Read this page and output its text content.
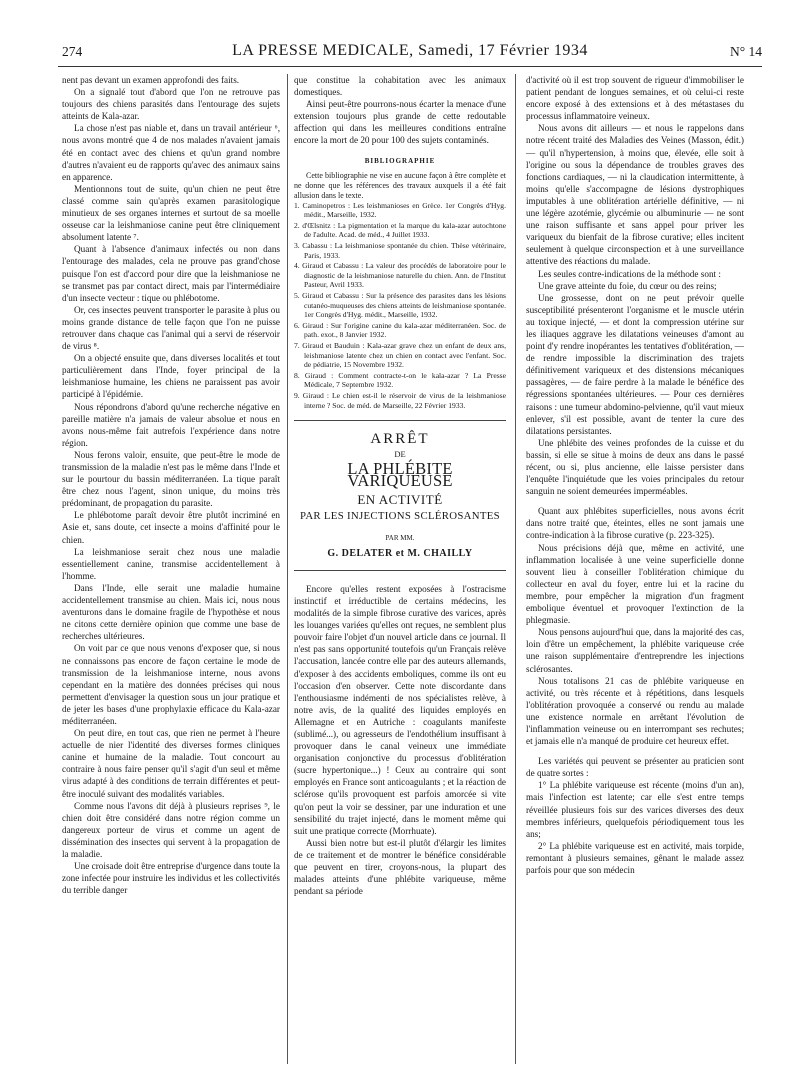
274	LA PRESSE MEDICALE, Samedi, 17 Février 1934	N° 14

nent pas devant un examen approfondi des faits.

On a signalé tout d'abord que l'on ne retrouve pas toujours des chiens parasités dans l'entourage des sujets atteints de Kala-azar.

La chose n'est pas niable et, dans un travail antérieur ⁶, nous avons montré que 4 de nos malades n'avaient jamais été en contact avec des chiens et qu'un grand nombre d'autres n'avaient eu de rapports qu'avec des animaux sains en apparence.

Mentionnons tout de suite, qu'un chien ne peut être classé comme sain qu'après examen parasitologique minutieux de ses organes internes et surtout de sa moelle osseuse car la leishmaniose canine peut être cliniquement absolument latente ⁷.

Quant à l'absence d'animaux infectés ou non dans l'entourage des malades, cela ne prouve pas grand'chose puisque l'on est d'accord pour dire que la leishmaniose ne se transmet pas par contact direct, mais par l'intermédiaire d'un insecte vecteur : tique ou phlébotome.

Or, ces insectes peuvent transporter le parasite à plus ou moins grande distance de telle façon que l'on ne puisse retrouver dans chaque cas l'animal qui a servi de réservoir de virus ⁸.

On a objecté ensuite que, dans diverses localités et tout particulièrement dans l'Inde, foyer principal de la leishmaniose humaine, les chiens ne paraissent pas avoir participé à l'épidémie.

Nous répondrons d'abord qu'une recherche négative en pareille matière n'a jamais de valeur absolue et nous en avons nous-même fait autrefois l'expérience dans notre région.

Nous ferons valoir, ensuite, que peut-être le mode de transmission de la maladie n'est pas le même dans l'Inde et sur le pourtour du bassin méditerranéen. La tique paraît être chez nous l'agent, sinon unique, du moins très prédominant, de propagation du parasite.

Le phlébotome paraît devoir être plutôt incriminé en Asie et, sans doute, cet insecte a moins d'affinité pour le chien.

La leishmaniose serait chez nous une maladie essentiellement canine, transmise accidentellement à l'homme.

Dans l'Inde, elle serait une maladie humaine accidentellement transmise au chien. Mais ici, nous nous aventurons dans le domaine fragile de l'hypothèse et nous ne citons cette dernière opinion que comme une base de recherches ultérieures.

On voit par ce que nous venons d'exposer que, si nous ne connaissons pas encore de façon certaine le mode de transmission de la leishmaniose interne, nous avons cependant en la matière des données précises qui nous permettent d'envisager la question sous un jour pratique et de jeter les bases d'une prophylaxie efficace du Kala-azar méditerranéen.

On peut dire, en tout cas, que rien ne permet à l'heure actuelle de nier l'identité des diverses formes cliniques canine et humaine de la maladie. Tout concourt au contraire à nous faire penser qu'il s'agit d'un seul et même virus adapté à des conditions de terrain différentes et peut-être inoculé suivant des modalités variables.

Comme nous l'avons dit déjà à plusieurs reprises ⁹, le chien doit être considéré dans notre région comme un dangereux porteur de virus et comme un agent de dissémination des insectes qui servent à la propagation de la maladie.

Une croisade doit être entreprise d'urgence dans toute la zone infectée pour instruire les individus et les collectivités du terrible danger

que constitue la cohabitation avec les animaux domestiques.

Ainsi peut-être pourrons-nous écarter la menace d'une extension toujours plus grande de cette redoutable affection qui dans les meilleures conditions entraîne encore la mort de 20 pour 100 des sujets contaminés.

BIBLIOGRAPHIE

Cette bibliographie ne vise en aucune façon à être complète et ne donne que les références des travaux auxquels il a été fait allusion dans le texte.

1. Caminopetros : Les leishmanioses en Grèce. 1er Congrès d'Hyg. médit., Marseille, 1932.
2. d'Œlsnitz : La pigmentation et la marque du kala-azar autochtone de l'adulte. Acad. de méd., 4 Juillet 1933.
3. Cabassu : La leishmaniose spontanée du chien. Thèse vétérinaire, Paris, 1933.
4. Giraud et Cabassu : La valeur des procédés de laboratoire pour le diagnostic de la leishmaniose naturelle du chien. Ann. de l'Institut Pasteur, Avril 1933.
5. Giraud et Cabassu : Sur la présence des parasites dans les lésions cutanéo-muqueuses des chiens atteints de leishmaniose spontanée. 1er Congrès d'Hyg. médit., Marseille, 1932.
6. Giraud : Sur l'origine canine du kala-azar méditerranéen. Soc. de path. exot., 8 Janvier 1932.
7. Giraud et Bauduin : Kala-azar grave chez un enfant de deux ans, leishmaniose latente chez un chien en contact avec l'enfant. Soc. de pédiatrie, 15 Novembre 1932.
8. Giraud : Comment contracte-t-on le kala-azar ? La Presse Médicale, 7 Septembre 1932.
9. Giraud : Le chien est-il le réservoir de virus de la leishmaniose interne ? Soc. de méd. de Marseille, 22 Février 1933.
ARRÊT
DE
LA PHLÉBITE VARIQUEUSE
EN ACTIVITÉ
PAR LES INJECTIONS SCLÉROSANTES
PAR MM.
G. DELATER et M. CHAILLY

Encore qu'elles restent exposées à l'ostracisme instinctif et irréductible de certains médecins, les modalités de la simple fibrose curative des varices, après les louanges variées qu'elles ont reçues, ne semblent plus pouvoir faire l'objet d'un nouvel article dans ce journal. Il n'est pas sans opportunité toutefois qu'un Français relève l'accusation, lancée contre elle par des auteurs allemands, d'exposer à des accidents emboliques, comme ils ont eu l'occasion d'en observer. Cette note discordante dans l'enthousiasme indémenti de nos spécialistes relève, à notre avis, de la qualité des liquides employés en Allemagne et en Autriche : coagulants manifeste (sublimé...), ou agresseurs de l'endothélium insuffisant à provoquer dans le canal veineux une immédiate organisation conjonctive du processus d'oblitération (sucre hypertonique...) ! Ceux au contraire qui sont employés en France sont anticoagulants ; et la réaction de sclérose qu'ils provoquent est parfois amorcée si vite qu'on peut la voir se dessiner, par une induration et une sensibilité du trajet injecté, dans le moment même qui suit une pratique correcte (Morrhuate).

Aussi bien notre but est-il plutôt d'élargir les limites de ce traitement et de montrer le bénéfice considérable que peuvent en tirer, croyons-nous, la plupart des malades atteints d'une phlébite variqueuse, même pendant sa période

d'activité où il est trop souvent de rigueur d'immobiliser le patient pendant de longues semaines, et où celui-ci reste encore exposé à des extensions et à des métastases du processus inflammatoire veineux.

Nous avons dit ailleurs — et nous le rappelons dans notre récent traité des Maladies des Veines (Masson, édit.) — qu'il n'hypertension, à moins que, élevée, elle soit à l'origine ou sous la dépendance de troubles graves des fonctions cardiaques, — ni la claudication intermittente, à moins qu'elle s'accompagne de lésions dystrophiques imputables à une oblitération artérielle définitive, — ni une légère azotémie, glycémie ou albuminurie — ne sont une raison suffisante et sans appel pour priver les variqueux du bienfait de la fibrose curative; elles incitent seulement à quelque circonspection et à une surveillance attentive des réactions du malade.

Les seules contre-indications de la méthode sont :

Une grave atteinte du foie, du cœur ou des reins;

Une grossesse, dont on ne peut prévoir quelle susceptibilité présenteront l'organisme et le muscle utérin au toxique injecté, — et dont la compression utérine sur les iliaques aggrave les dilatations veineuses d'amont au point d'y rendre inopérantes les tentatives d'oblitération, — de rendre impossible la discrimination des trajets définitivement variqueux et des distensions mécaniques passagères, — de faire perdre à la malade le bénéfice des régressions spontanées ultérieures. — Pour ces dernières raisons : une tumeur abdomino-pelvienne, qu'il vaut mieux enlever, s'il est possible, avant de tenter la cure des dilatations persistantes.

Une phlébite des veines profondes de la cuisse et du bassin, si elle se situe à moins de deux ans dans le passé récent, ou si, plus ancienne, elle laisse persister dans l'enquête l'inquiétude que les voies principales du retour sanguin ne soient demeurées imperméables.

Quant aux phlébites superficielles, nous avons écrit dans notre traité que, éteintes, elles ne sont jamais une contre-indication à la fibrose curative (p. 223-325).

Nous précisions déjà que, même en activité, une inflammation localisée à une veine superficielle donne souvent lieu à conseiller l'oblitération chimique du collecteur en aval du foyer, entre lui et la racine du membre, pour empêcher la migration d'un fragment embolique éventuel et provoquer l'extinction de la phlegmasie.

Nous pensons aujourd'hui que, dans la majorité des cas, loin d'être un empêchement, la phlébite variqueuse crée une raison supplémentaire d'entreprendre les injections sclérosantes.

Nous totalisons 21 cas de phlébite variqueuse en activité, ou très récente et à répétitions, dans lesquels l'oblitération provoquée a conservé ou rendu au malade une existence normale en arrêtant l'évolution de l'inflammation veineuse ou en interrompant ses rechutes; et jamais elle n'a manqué de produire cet heureux effet.

Les variétés qui peuvent se présenter au praticien sont de quatre sortes :

1° La phlébite variqueuse est récente (moins d'un an), mais l'infection est latente; car elle s'est entre temps réveillée plusieurs fois sur des varices diverses des deux membres inférieurs, quelquefois périodiquement tous les ans;

2° La phlébite variqueuse est en activité, mais torpide, remontant à plusieurs semaines, gênant le malade assez parfois pour que son médecin
